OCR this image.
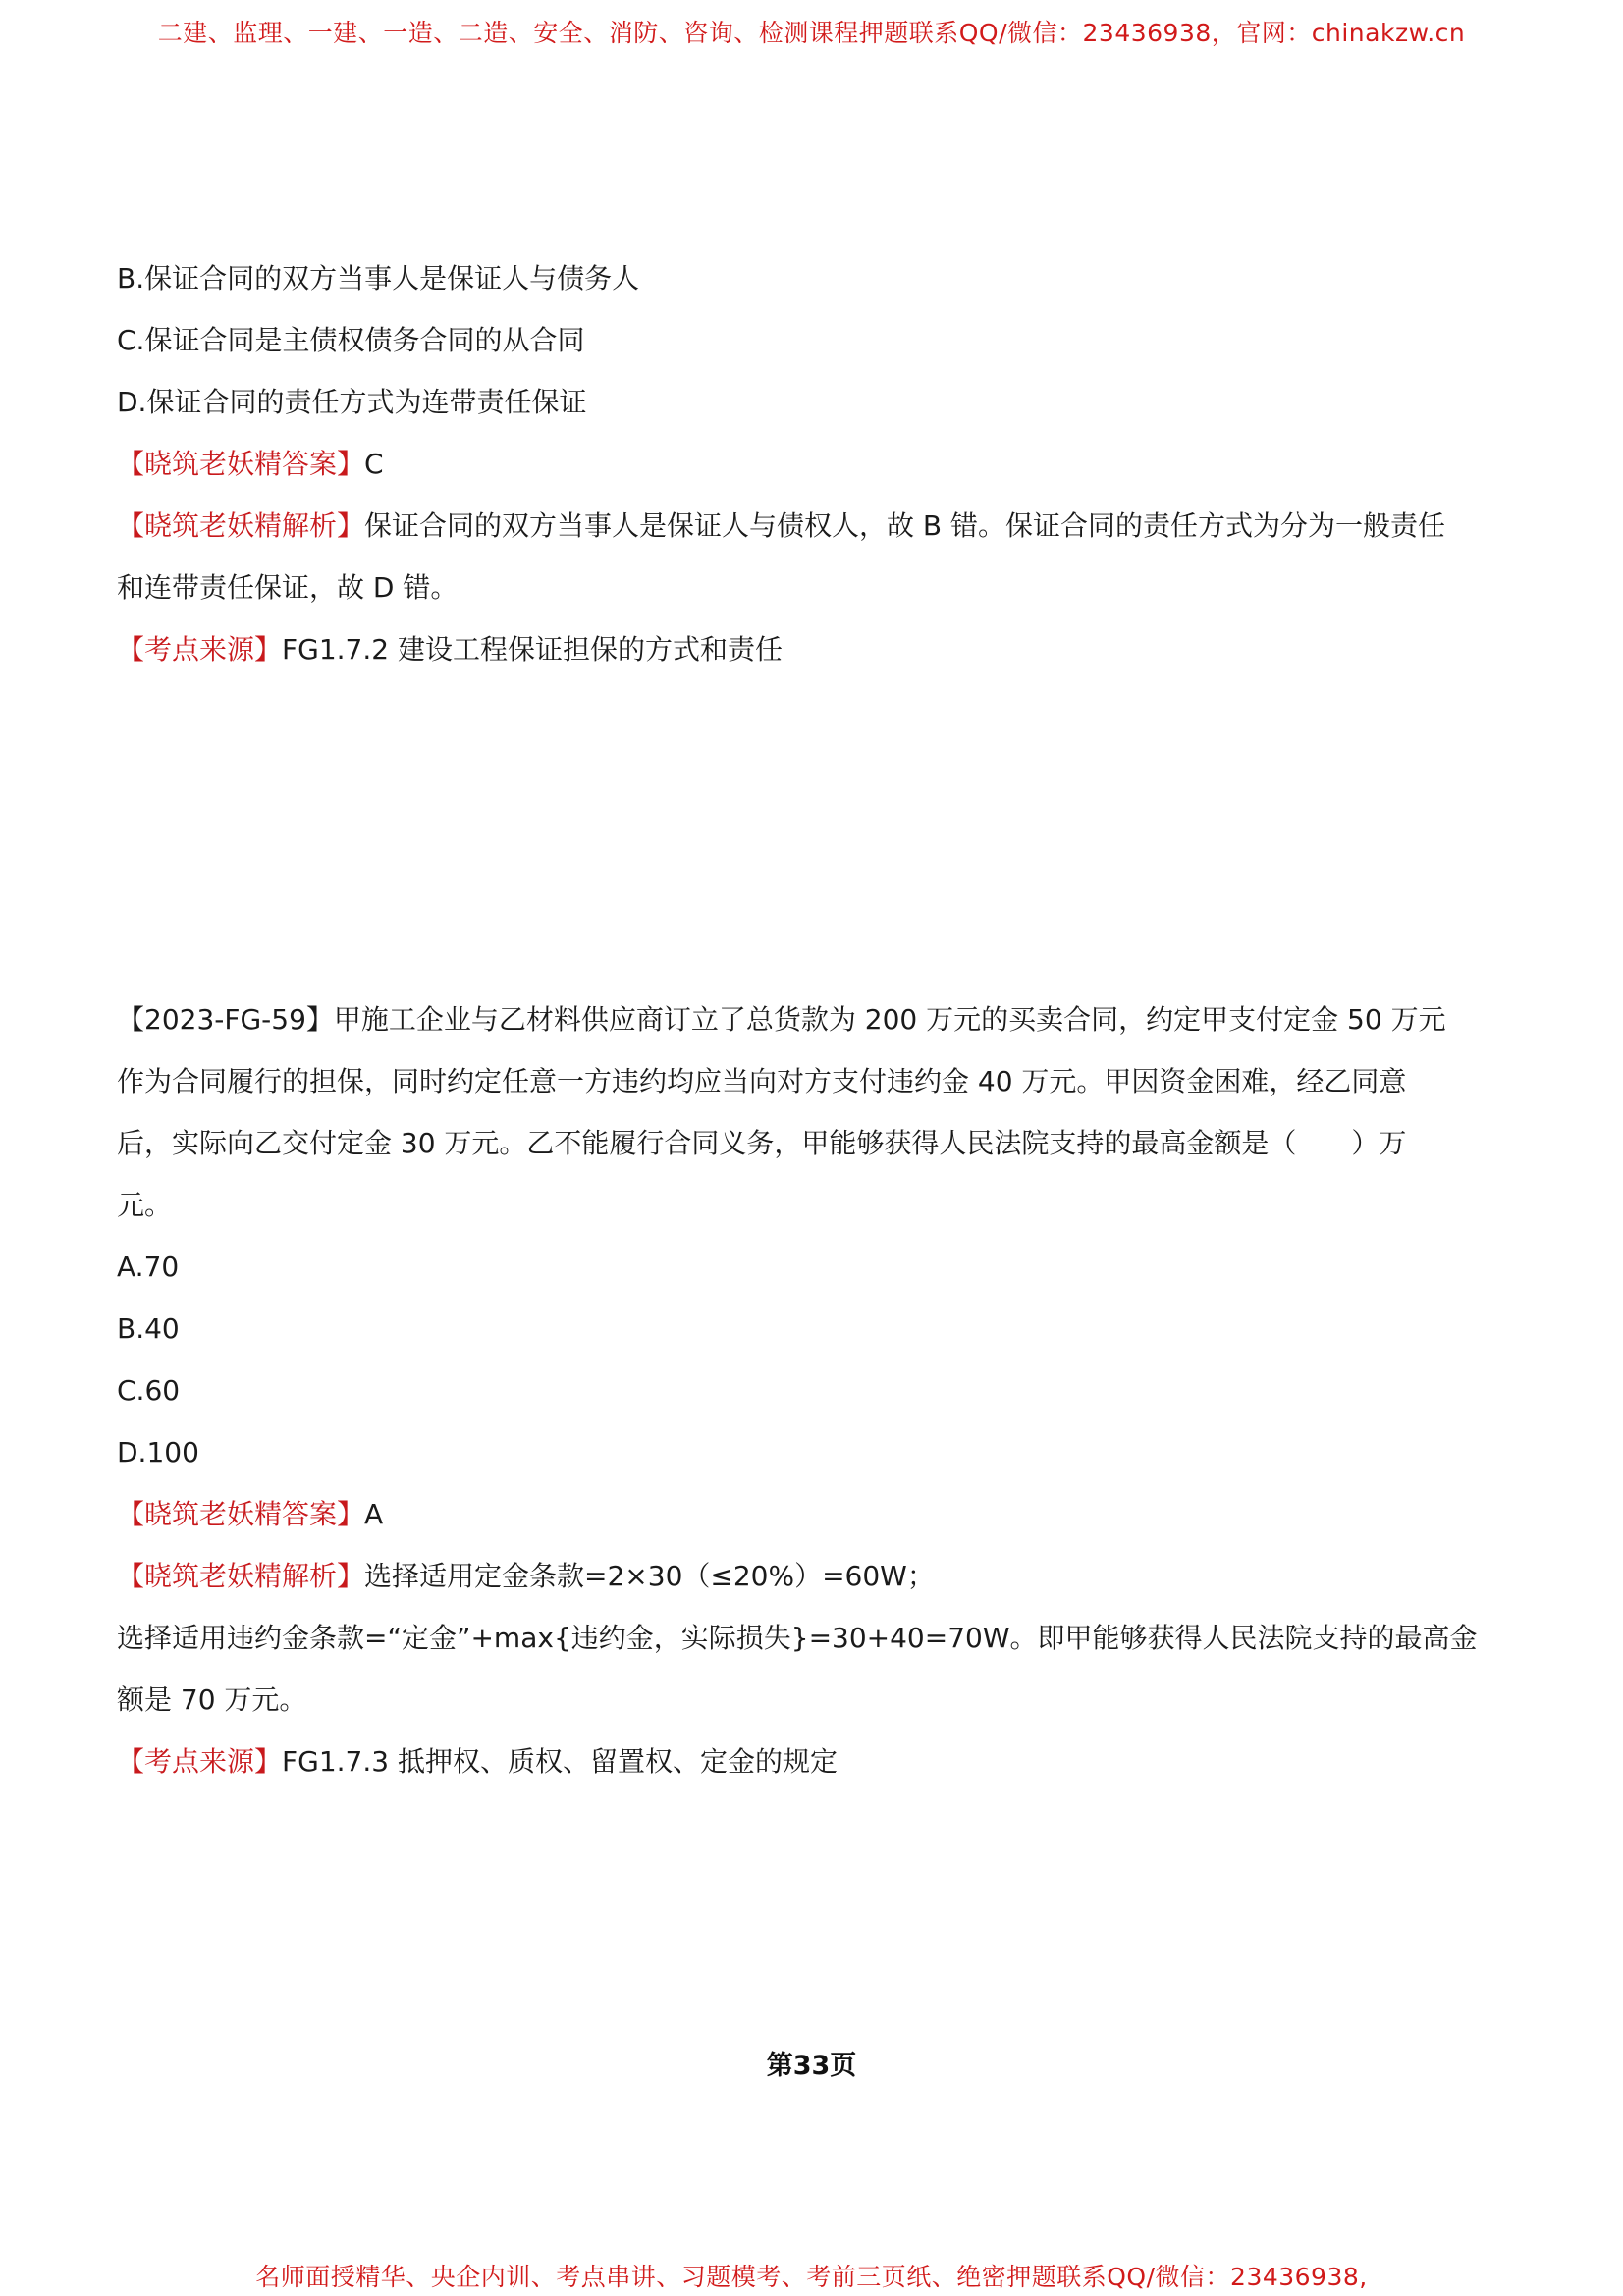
二建、监理、一建、一造、二造、安全、消防、咨询、检测课程押题联系QQ/微信：23436938，官网：chinakzw.cn
B.保证合同的双方当事人是保证人与债务人
C.保证合同是主债权债务合同的从合同
D.保证合同的责任方式为连带责任保证
【晓筑老妖精答案】C
【晓筑老妖精解析】保证合同的双方当事人是保证人与债权人，故 B 错。保证合同的责任方式为分为一般责任
和连带责任保证，故 D 错。
【考点来源】FG1.7.2 建设工程保证担保的方式和责任
【2023-FG-59】甲施工企业与乙材料供应商订立了总货款为 200 万元的买卖合同，约定甲支付定金 50 万元
作为合同履行的担保，同时约定任意一方违约均应当向对方支付违约金 40 万元。甲因资金困难，经乙同意
后，实际向乙交付定金 30 万元。乙不能履行合同义务，甲能够获得人民法院支持的最高金额是（　　）万
元。
A.70
B.40
C.60
D.100
【晓筑老妖精答案】A
【晓筑老妖精解析】选择适用定金条款=2×30（≤20%）=60W；
选择适用违约金条款=“定金”+max{违约金，实际损失}=30+40=70W。即甲能够获得人民法院支持的最高金
额是 70 万元。
【考点来源】FG1.7.3 抵押权、质权、留置权、定金的规定
第33页
名师面授精华、央企内训、考点串讲、习题模考、考前三页纸、绝密押题联系QQ/微信：23436938,
